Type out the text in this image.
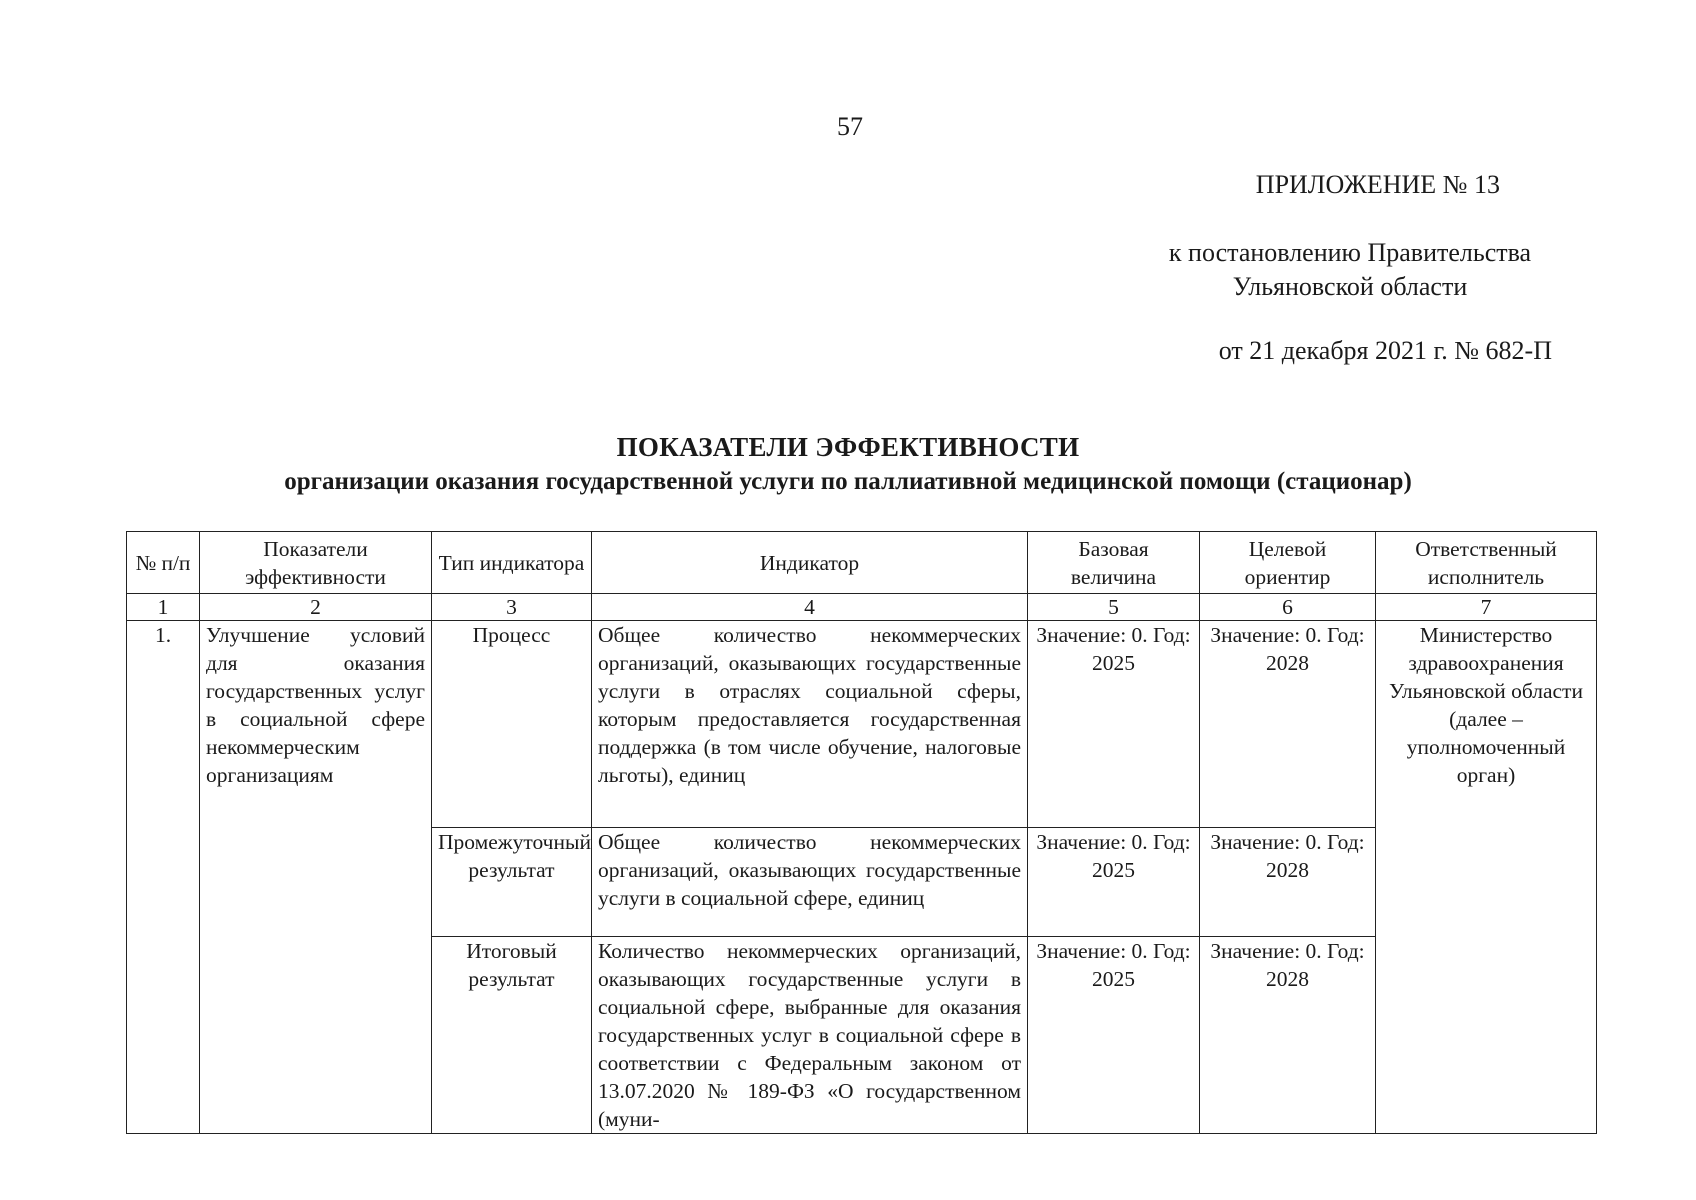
57
ПРИЛОЖЕНИЕ № 13
к постановлению Правительства
Ульяновской области
от 21 декабря 2021 г. № 682-П
ПОКАЗАТЕЛИ ЭФФЕКТИВНОСТИ
организации оказания государственной услуги по паллиативной медицинской помощи (стационар)
№ п/п	Показатели эффективности	Тип индикатора	Индикатор	Базовая величина	Целевой ориентир	Ответственный исполнитель
1	2	3	4	5	6	7
1.	Улучшение условий для оказания государственных услуг в социальной сфере некоммерческим организациям	Процесс	Общее количество некоммерческих организаций, оказывающих государственные услуги в отраслях социальной сферы, которым предоставляется государственная поддержка (в том числе обучение, налоговые льготы), единиц	Значение: 0. Год: 2025	Значение: 0. Год: 2028	Министерство здравоохранения Ульяновской области (далее – уполномоченный орган)
		Промежуточный результат	Общее количество некоммерческих организаций, оказывающих государственные услуги в социальной сфере, единиц	Значение: 0. Год: 2025	Значение: 0. Год: 2028	
		Итоговый результат	Количество некоммерческих организаций, оказывающих государственные услуги в социальной сфере, выбранные для оказания государственных услуг в социальной сфере в соответствии с Федеральным законом от 13.07.2020 № 189-ФЗ «О государственном (муни-	Значение: 0. Год: 2025	Значение: 0. Год: 2028	
